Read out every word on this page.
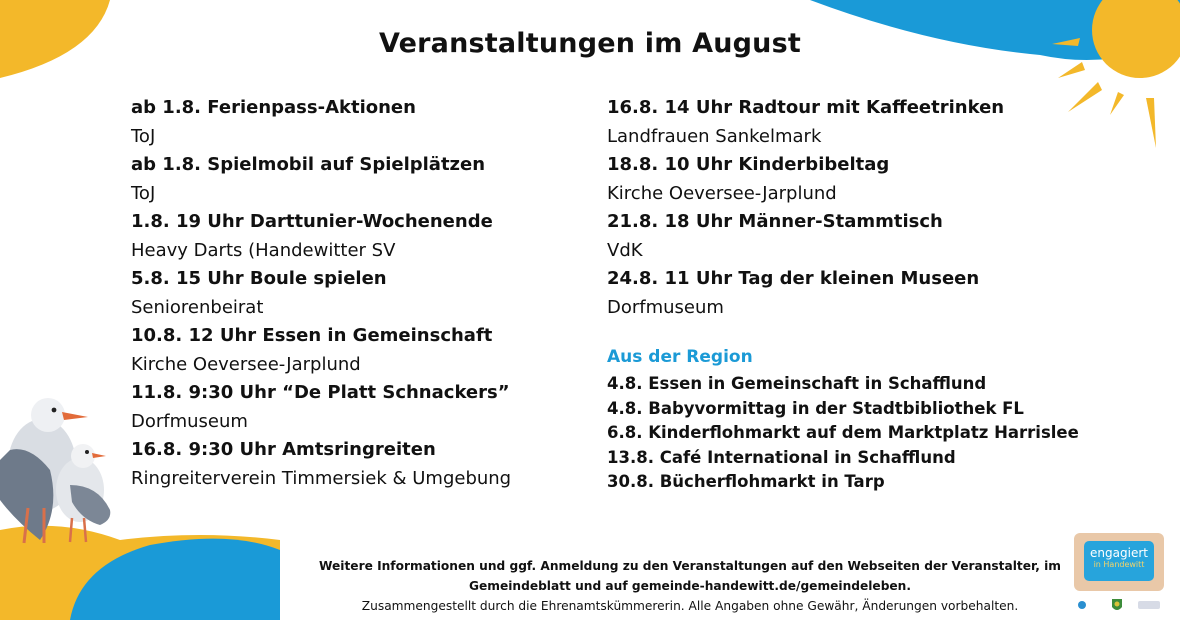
Veranstaltungen im August
ab 1.8. Ferienpass-Aktionen
ToJ
ab 1.8. Spielmobil auf Spielplätzen
ToJ
1.8. 19 Uhr Darttunier-Wochenende
Heavy Darts (Handewitter SV
5.8. 15 Uhr Boule spielen
Seniorenbeirat
10.8. 12 Uhr Essen in Gemeinschaft
Kirche Oeversee-Jarplund
11.8. 9:30 Uhr “De Platt Schnackers”
Dorfmuseum
16.8. 9:30 Uhr Amtsringreiten
Ringreiterverein Timmersiek & Umgebung
16.8. 14 Uhr Radtour mit Kaffeetrinken
Landfrauen Sankelmark
18.8. 10 Uhr Kinderbibeltag
Kirche Oeversee-Jarplund
21.8. 18 Uhr Männer-Stammtisch
VdK
24.8. 11 Uhr Tag der kleinen Museen
Dorfmuseum
Aus der Region
4.8. Essen in Gemeinschaft in Schafflund
4.8. Babyvormittag in der Stadtbibliothek FL
6.8. Kinderflohmarkt auf dem Marktplatz Harrislee
13.8. Café International in Schafflund
30.8. Bücherflohmarkt in Tarp
Weitere Informationen und ggf. Anmeldung zu den Veranstaltungen auf den Webseiten der Veranstalter, im
Gemeindeblatt und auf gemeinde-handewitt.de/gemeindeleben.
Zusammengestellt durch die Ehrenamtskümmererin. Alle Angaben ohne Gewähr, Änderungen vorbehalten.
engagiert
in Handewitt
